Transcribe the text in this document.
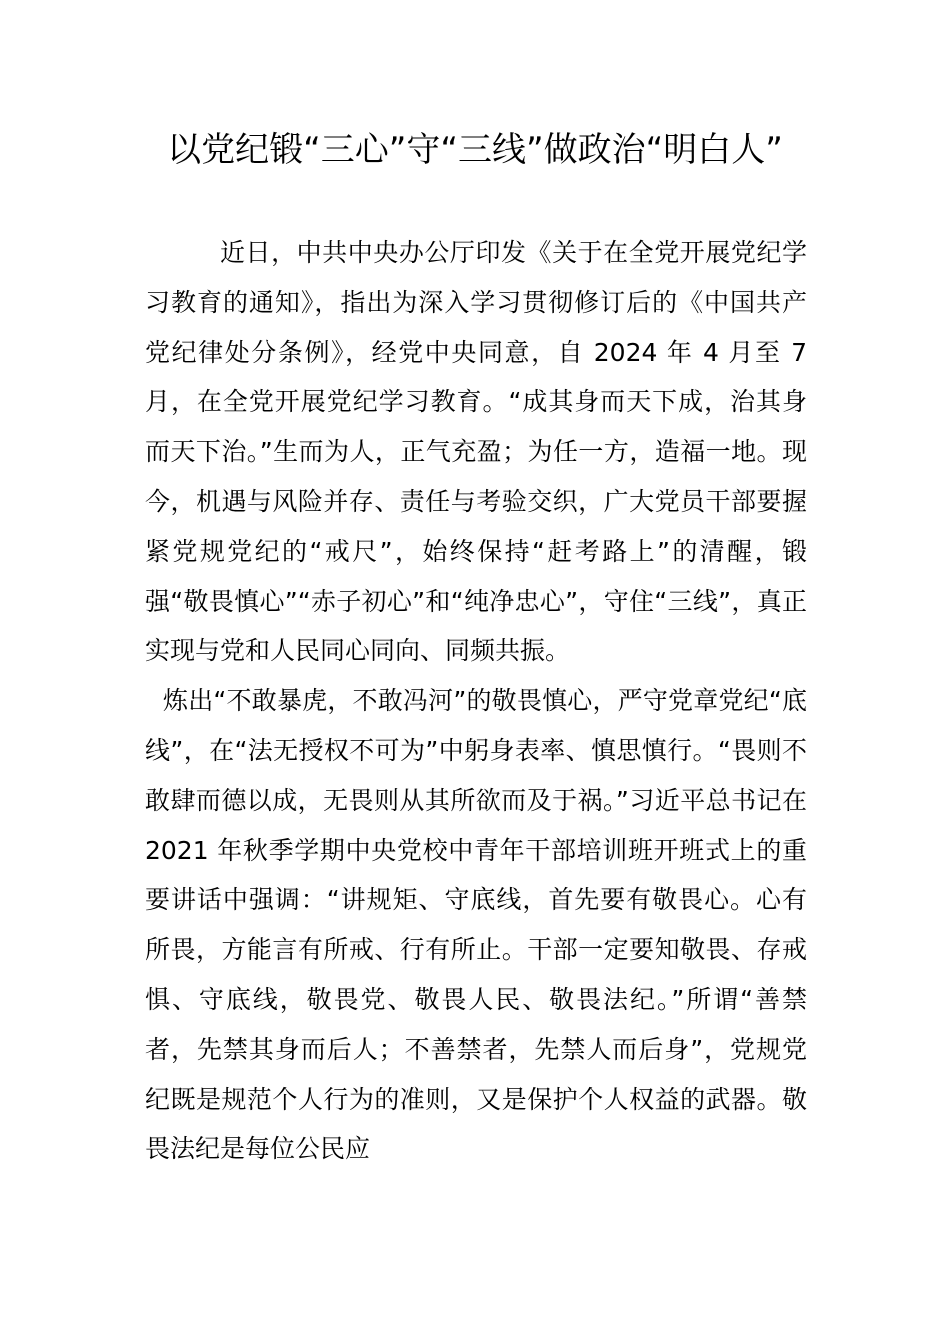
以党纪锻“三心”守“三线”做政治“明白人”

近日，中共中央办公厅印发《关于在全党开展党纪学习教育的通知》，指出为深入学习贯彻修订后的《中国共产党纪律处分条例》，经党中央同意，自 2024 年 4 月至 7 月，在全党开展党纪学习教育。“成其身而天下成，治其身而天下治。”生而为人，正气充盈；为任一方，造福一地。现今，机遇与风险并存、责任与考验交织，广大党员干部要握紧党规党纪的“戒尺”，始终保持“赶考路上”的清醒，锻强“敬畏慎心”“赤子初心”和“纯净忠心”，守住“三线”，真正实现与党和人民同心同向、同频共振。

炼出“不敢暴虎，不敢冯河”的敬畏慎心，严守党章党纪“底线”，在“法无授权不可为”中躬身表率、慎思慎行。“畏则不敢肆而德以成，无畏则从其所欲而及于祸。”习近平总书记在 2021 年秋季学期中央党校中青年干部培训班开班式上的重要讲话中强调：“讲规矩、守底线，首先要有敬畏心。心有所畏，方能言有所戒、行有所止。干部一定要知敬畏、存戒惧、守底线，敬畏党、敬畏人民、敬畏法纪。”所谓“善禁者，先禁其身而后人；不善禁者，先禁人而后身”，党规党纪既是规范个人行为的准则，又是保护个人权益的武器。敬畏法纪是每位公民应
